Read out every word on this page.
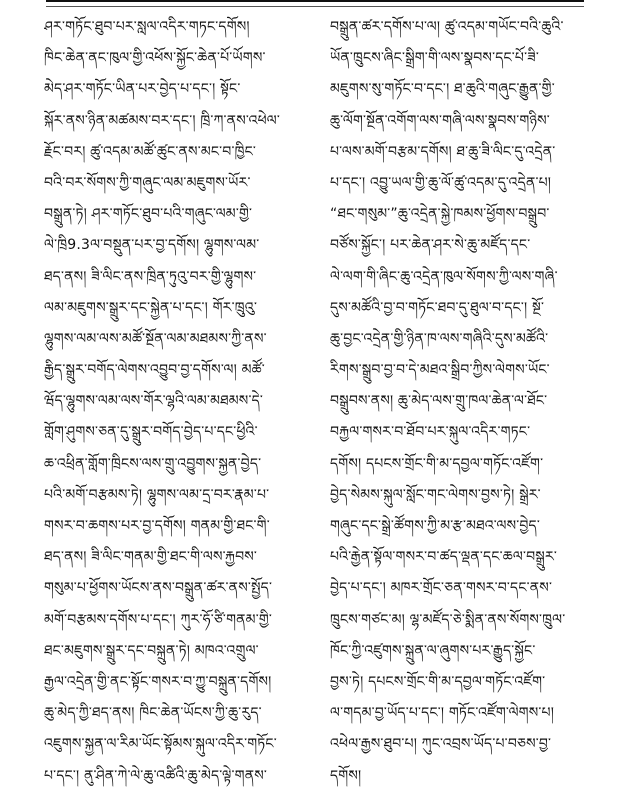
ཤར་གཏོང་ཐུབ་པར་སླལ་འདིར་གཏང་དགོས།
ཁིང་ཆེན་ནང་ཁུལ་གྱི་འཕོས་སྐྱོང་ཆེན་པོ་ཡོགས་
མེད་ཤར་གཏོང་ཡིན་པར་བྱེད་པ་དང་། སྟོང་
སྐོར་ནས་ཉིན་མཚམས་བར་དང་། ཁྲི་ཀ་ནས་འཕེལ་
རྗོང་བར། ཚུ་འདམ་མཚོ་ཚུང་ནས་མང་བ་ཁྱིང་
བའི་བར་སོགས་ཀྱི་གཞུང་ལམ་མཇུགས་ཡོར་
བསྒྲུན་ཏེ། ཤར་གཏོང་ཐུབ་པའི་གཞུང་ལམ་གྱི་
ལེ་ཁྲི9.3ལ་བསྡུན་པར་བྱ་དགོས། ལྷུགས་ལམ་
ཐད་ནས། ཟི་ལིང་ནས་ཁྲིན་ཏུའུ་བར་གྱི་ལྷུགས་
ལམ་མཇུགས་སྒྲུར་དང་སྐྱེན་པ་དང་། གོར་ཁྲུའུ་
ལྷུགས་ལམ་ལས་མཚོ་སྔོན་ལམ་མཐམས་ཀྱི་ནས་
རྒྱིད་སྒྲུར་བགོད་ལེགས་འབྱུབ་བྱ་དགོས་ལ། མཚོ་
ཝོད་ལྷུགས་ལམ་ལས་གོར་ལྷའི་ལམ་མཐམས་དེ་
གློག་ཤུགས་ཅན་དུ་སྒྲུར་བགོད་བྱེད་པ་དང་ཕྱིའི་
ཆ་འཕྲིན་གློག་ཁྲིངས་ལས་གྲུ་འབྱུགས་སྐྱན་བྱེད་
པའི་མགོ་བརྩམས་ཏེ། ལྷུགས་ལམ་དྲ་བར་རྣམ་པ་
གསར་བ་ཆགས་པར་བྱ་དགོས། གནམ་གྱི་ཐང་གི་
ཐད་ནས། ཟི་ལིང་གནམ་གྱི་ཐང་གི་ལས་རྐྱབས་
གསུམ་པ་ཕྱོགས་ཡོངས་ནས་བསྒྲུན་ཚར་ནས་སྤྱོད་
མགོ་བརྩམས་དགོས་པ་དང་། ཀུར་ཧོ་ཙི་གནམ་གྱི་
ཐང་མཇུགས་སྒྲུར་དང་བསྐྲུན་ཏེ། མཁའ་འགྲུལ་
རྒྱལ་འདྲེན་གྱི་ནང་སྟོང་གསར་བ་ཀྱུ་བསྐྲུན་དགོས།
ཆུ་མེད་ཀྱི་ཐད་ནས། ཁིང་ཆེན་ཡོངས་ཀྱི་ཆུ་རུད་
འཇུགས་སྐྱན་ལ་རིམ་ཡོང་སྟོམས་སྐུལ་འདིར་གཏོང་
པ་དང་། ནུ་ཤིན་ཀེ་ལེ་ཆུ་འཚིའི་ཆུ་མེད་ལྟེ་གནས་
བསྒྲུན་ཚར་དགོས་པ་ལ། ཚུ་འདམ་གཡོང་བའི་ཆུའི་
ཡོན་ཁྲུངས་ཞིང་སྒྲིག་གི་ལས་སྣབས་དང་པོ་ཟི་
མཇུགས་སུ་གཏོང་བ་དང་། ཐ་ཆུའི་གཞུང་རྒྱུན་གྱི་
ཆུ་ལོག་སྔོན་འགོག་ལས་གཞི་ལས་སྣབས་གཉིས་
པ་ལས་མགོ་བརྩམ་དགོས། ཐ་ཆུ་ཟི་ལིང་དུ་འདྲེན་
པ་དང་། འབྱུ་ཡལ་གྱི་ཆུ་ལོ་ཚུ་འདམ་དུ་འདྲེན་པ།
“ཐང་གསུམ་”ཆུ་འདྲེན་སྐྱེ་ཁམས་ཕྱོགས་བསྒྲུབ་
བཙོས་སྐྱོང་། པར་ཆེན་ཤར་སེ་ཆུ་མཛོད་དང་
ལེ་ལག་གི་ཞིང་ཆུ་འདྲེན་ཁུལ་སོགས་ཀྱི་ལས་གཞི་
དུས་མཚོའི་བྱ་བ་གཏོང་ཐབ་དུ་ཐུལ་བ་དང་། སྔོ་
ཆུ་བྱང་འདྲེན་གྱི་ཉིན་ཁ་ལས་གཞིའི་དུས་མཚོའི་
རིགས་སྒྲུབ་བྱ་བ་དེ་མཐའ་སྒྲིབ་ཀྱིས་ལེགས་ཡོང་
བསྒྲུབས་ནས། ཆུ་མེད་ལས་གྲུ་ཁལ་ཆེན་ལ་ཐོང་
བརྐྱལ་གསར་བ་ཐོབ་པར་སྐུལ་འདིར་གཏང་
དགོས། དཔངས་གྲོང་གི་མ་དབྱལ་གཏོང་འཛོག་
བྱེད་སེམས་སྐུལ་སློང་གང་ལེགས་བྱས་ཏེ། སྒྲེར་
གཞུང་དང་སྒྲེ་ཚོགས་ཀྱི་མ་རྩ་མཐའ་ལས་བྱེད་
པའི་རྒྱེན་སྟོལ་གསར་བ་ཚད་ལྡན་དང་ཆལ་བསྒྲུར་
བྱེད་པ་དང་། མཁར་གྲོང་ཅན་གསར་བ་དང་ནས་
ཁྲུངས་གཙང་མ། ལྷ་མཛོད་ཅེ་སྨིན་ནས་སོགས་ཁྲུལ་
ཁོང་ཀྱི་འཛུགས་སྐྲུན་ལ་ཞུགས་པར་རྒྱུད་སྐྱོང་
བྱས་ཏེ། དཔངས་གྲོང་གི་མ་དབྱལ་གཏོང་འཛོག་
ལ་གདམ་བྱ་ཡོད་པ་དང་། གཏོང་འཛོག་ལེགས་པ།
འཕེལ་རྒྱས་ཐུབ་པ། ཀུང་འབྲས་ཡོད་པ་བཅས་བྱ་
དགོས།
